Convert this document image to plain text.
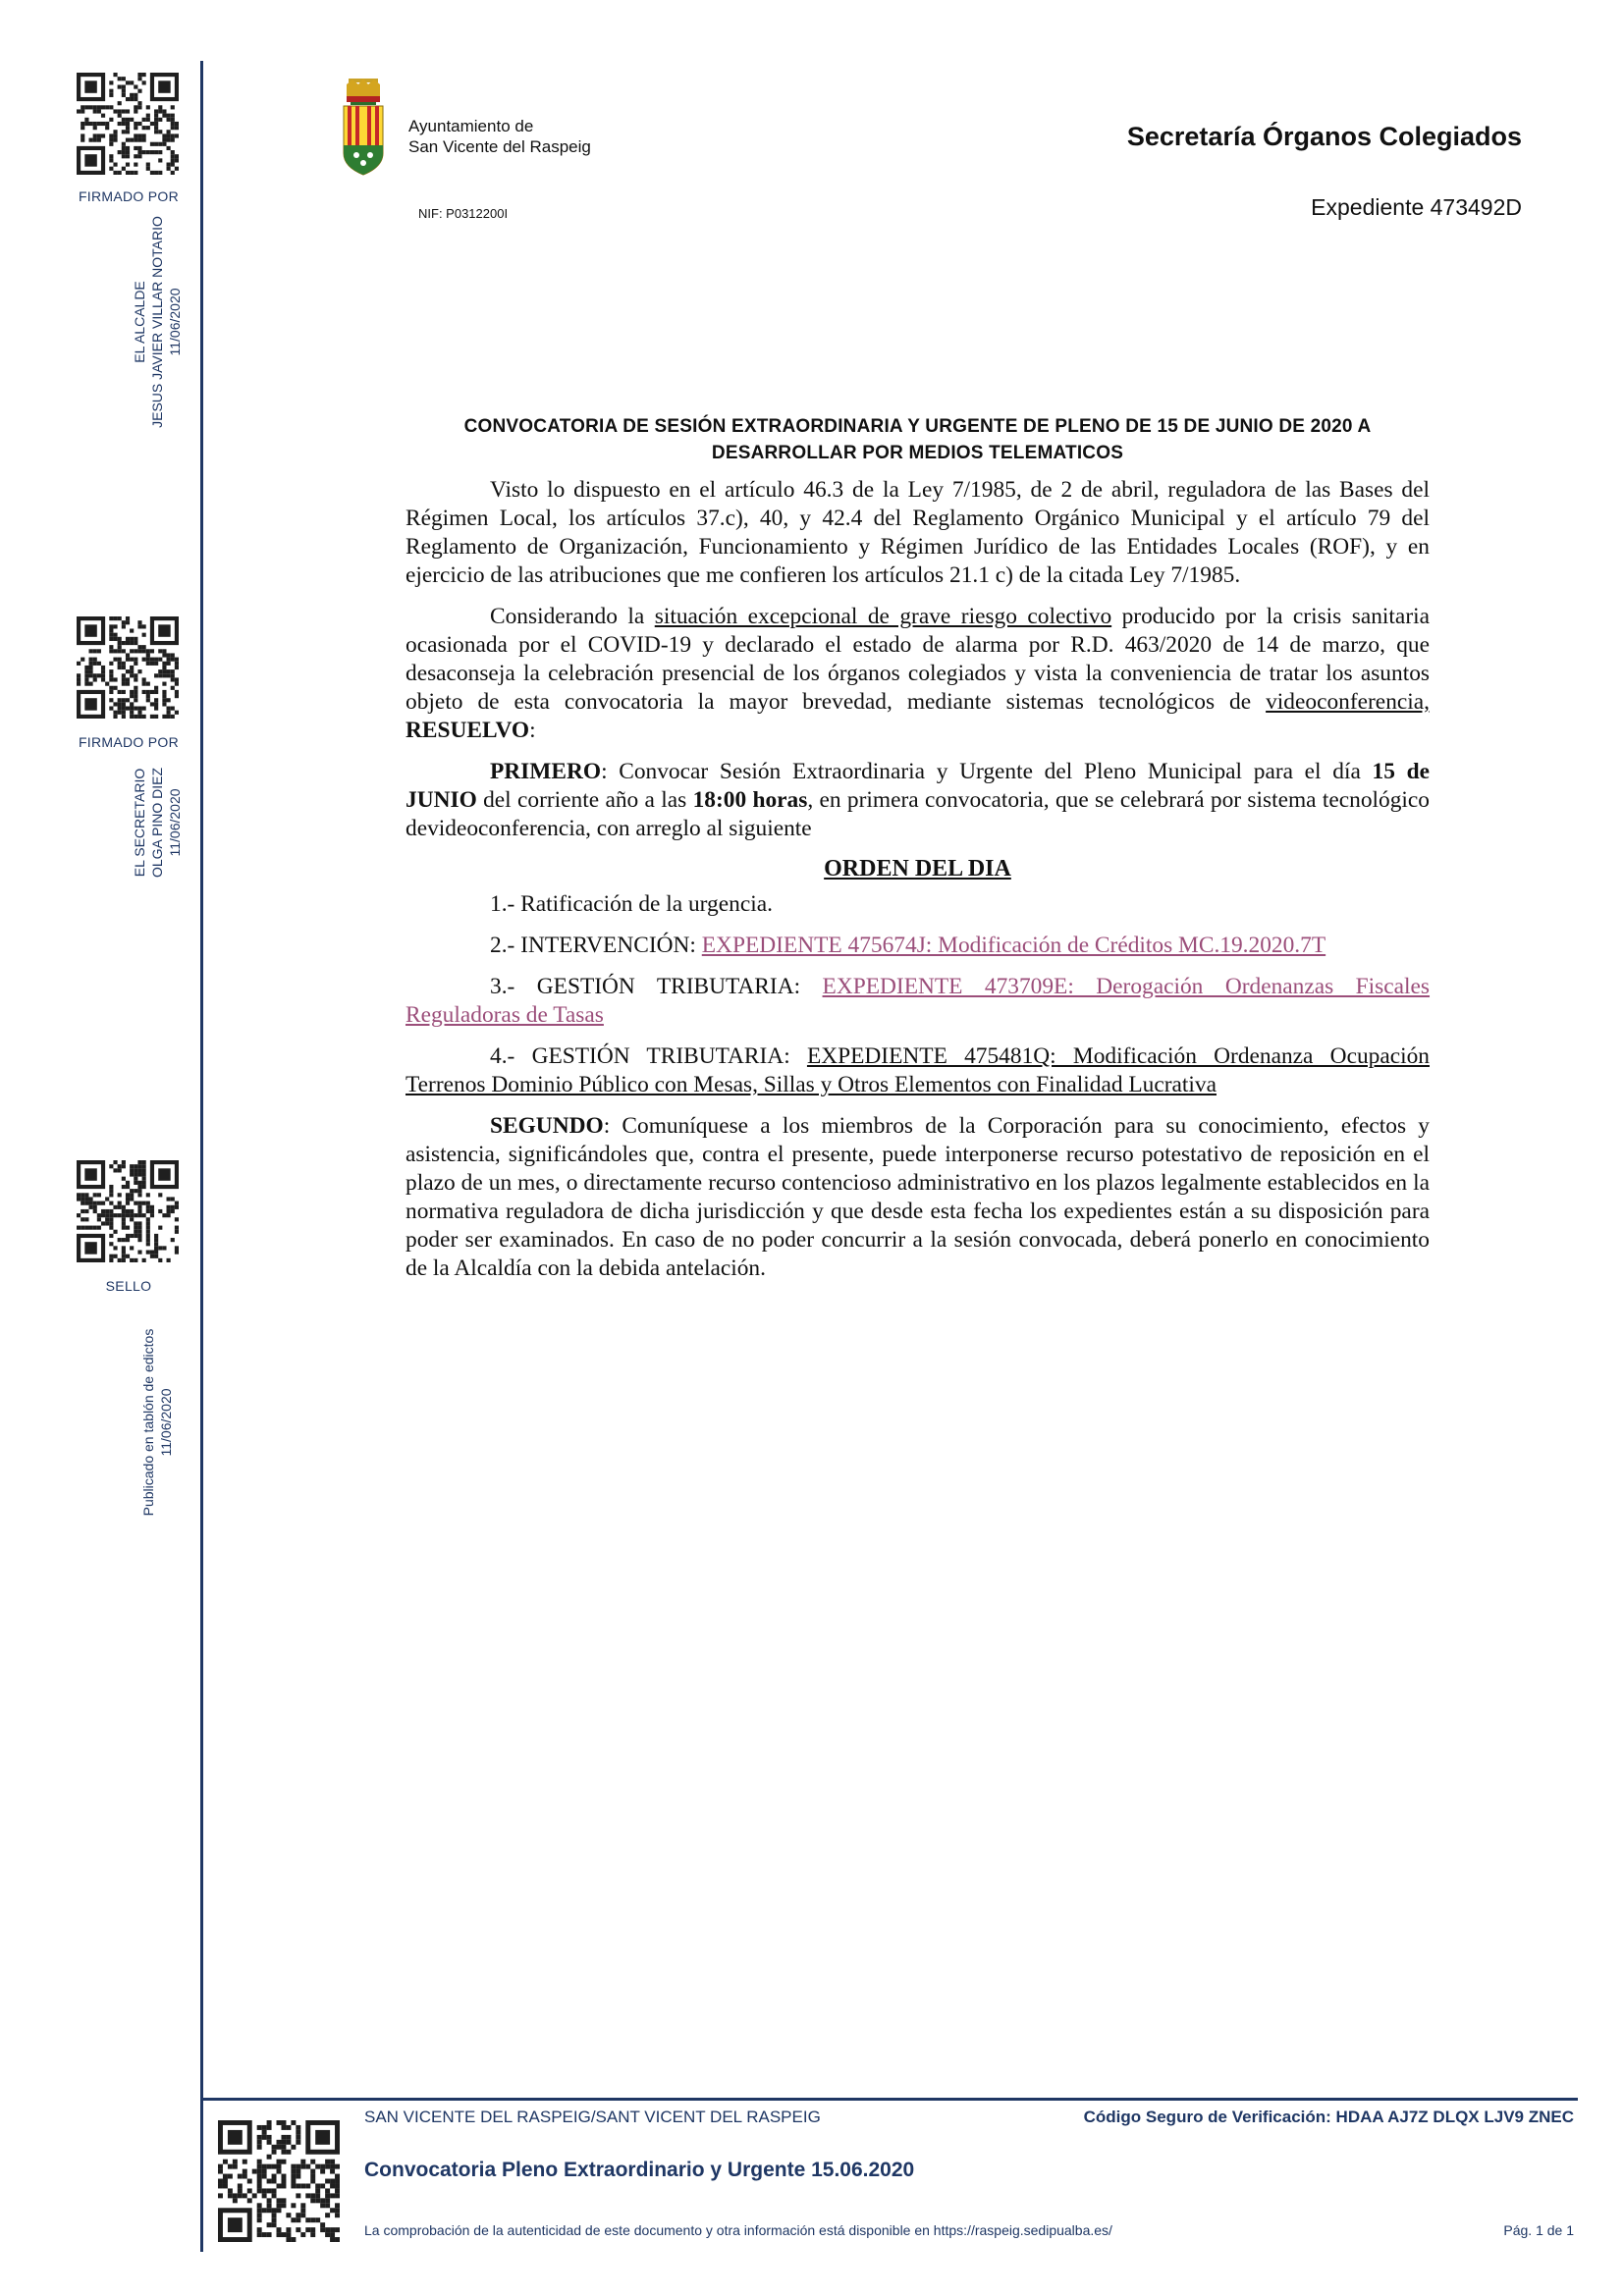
FIRMADO POR
EL ALCALDE JESUS JAVIER VILLAR NOTARIO 11/06/2020
FIRMADO POR
EL SECRETARIO OLGA PINO DIEZ 11/06/2020
SELLO
Publicado en tablón de edictos 11/06/2020
Ayuntamiento de
San Vicente del Raspeig
NIF: P0312200I
Secretaría Órganos Colegiados
Expediente 473492D
CONVOCATORIA DE SESIÓN EXTRAORDINARIA Y URGENTE DE PLENO DE 15 DE JUNIO DE 2020 A
DESARROLLAR POR MEDIOS TELEMATICOS
Visto lo dispuesto en el artículo 46.3 de la Ley 7/1985, de 2 de abril, reguladora de las Bases del Régimen Local, los artículos 37.c), 40, y 42.4 del Reglamento Orgánico Municipal y el artículo 79 del Reglamento de Organización, Funcionamiento y Régimen Jurídico de las Entidades Locales (ROF), y en ejercicio de las atribuciones que me confieren los artículos 21.1 c) de la citada Ley 7/1985.
Considerando la situación excepcional de grave riesgo colectivo producido por la crisis sanitaria ocasionada por el COVID-19 y declarado el estado de alarma por R.D. 463/2020 de 14 de marzo, que desaconseja la celebración presencial de los órganos colegiados y vista la conveniencia de tratar los asuntos objeto de esta convocatoria la mayor brevedad, mediante sistemas tecnológicos de videoconferencia, RESUELVO:
PRIMERO: Convocar Sesión Extraordinaria y Urgente del Pleno Municipal para el día 15 de JUNIO del corriente año a las 18:00 horas, en primera convocatoria, que se celebrará por sistema tecnológico devideoconferencia, con arreglo al siguiente
ORDEN DEL DIA
1.- Ratificación de la urgencia.
2.- INTERVENCIÓN: EXPEDIENTE 475674J: Modificación de Créditos MC.19.2020.7T
3.- GESTIÓN TRIBUTARIA: EXPEDIENTE 473709E: Derogación Ordenanzas Fiscales Reguladoras de Tasas
4.- GESTIÓN TRIBUTARIA: EXPEDIENTE 475481Q: Modificación Ordenanza Ocupación Terrenos Dominio Público con Mesas, Sillas y Otros Elementos con Finalidad Lucrativa
SEGUNDO: Comuníquese a los miembros de la Corporación para su conocimiento, efectos y asistencia, significándoles que, contra el presente, puede interponerse recurso potestativo de reposición en el plazo de un mes, o directamente recurso contencioso administrativo en los plazos legalmente establecidos en la normativa reguladora de dicha jurisdicción y que desde esta fecha los expedientes están a su disposición para poder ser examinados. En caso de no poder concurrir a la sesión convocada, deberá ponerlo en conocimiento de la Alcaldía con la debida antelación.
SAN VICENTE DEL RASPEIG/SANT VICENT DEL RASPEIG	Código Seguro de Verificación: HDAA AJ7Z DLQX LJV9 ZNEC
Convocatoria Pleno Extraordinario y Urgente 15.06.2020
La comprobación de la autenticidad de este documento y otra información está disponible en https://raspeig.sedipualba.es/	Pág. 1 de 1
